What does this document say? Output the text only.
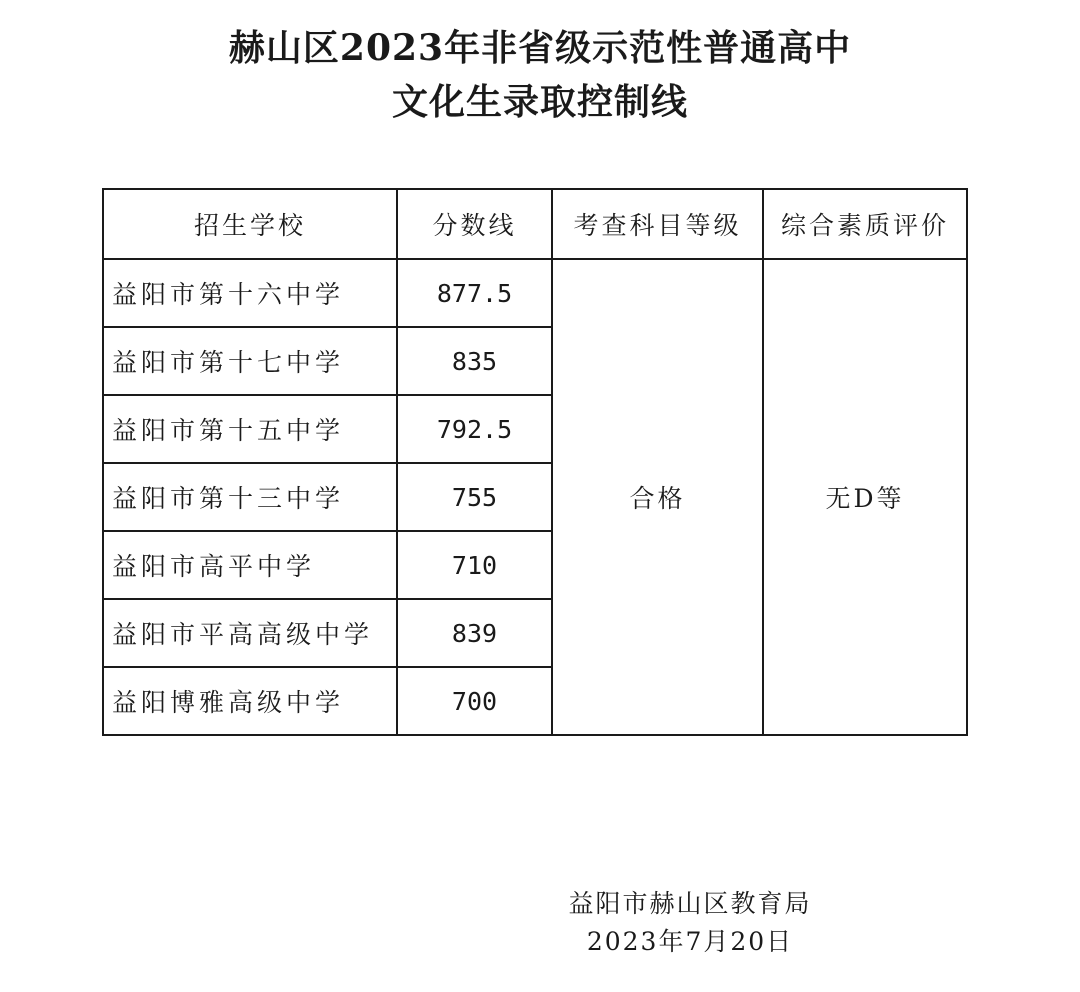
赫山区2023年非省级示范性普通高中
文化生录取控制线
招生学校	分数线	考查科目等级	综合素质评价
益阳市第十六中学	877.5	合格	无D等
益阳市第十七中学	835		
益阳市第十五中学	792.5		
益阳市第十三中学	755		
益阳市高平中学	710		
益阳市平高高级中学	839		
益阳博雅高级中学	700		
益阳市赫山区教育局
2023年7月20日
